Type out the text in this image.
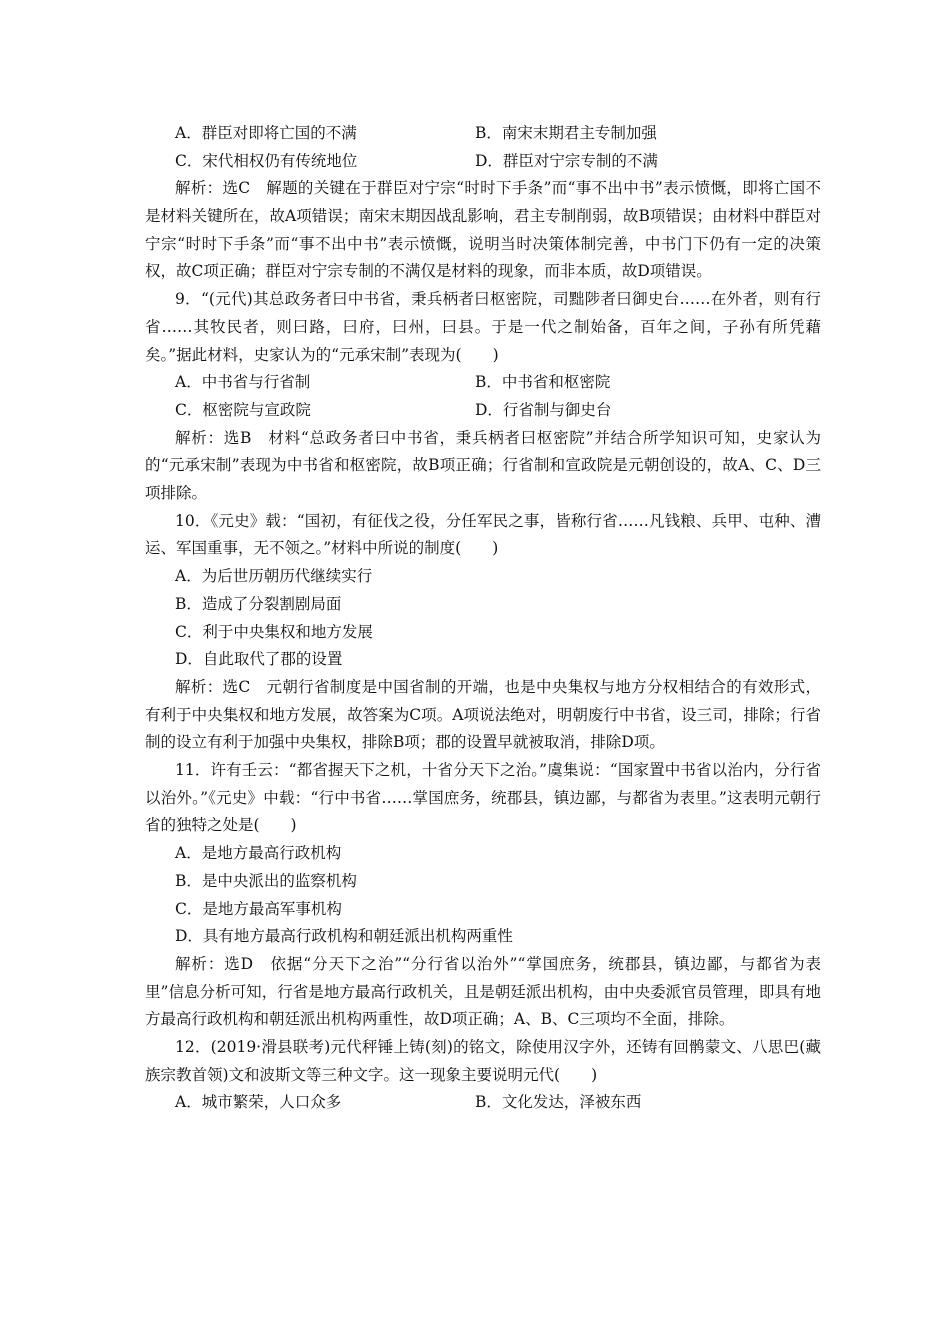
A．群臣对即将亡国的不满	B．南宋末期君主专制加强
C．宋代相权仍有传统地位	D．群臣对宁宗专制的不满
解析：选C　解题的关键在于群臣对宁宗“时时下手条”而“事不出中书”表示愤慨，即将亡国不是材料关键所在，故A项错误；南宋末期因战乱影响，君主专制削弱，故B项错误；由材料中群臣对宁宗“时时下手条”而“事不出中书”表示愤慨，说明当时决策体制完善，中书门下仍有一定的决策权，故C项正确；群臣对宁宗专制的不满仅是材料的现象，而非本质，故D项错误。
9．“(元代)其总政务者曰中书省，秉兵柄者曰枢密院，司黜陟者曰御史台……在外者，则有行省……其牧民者，则曰路，曰府，曰州，曰县。于是一代之制始备，百年之间，子孙有所凭藉矣。”据此材料，史家认为的“元承宋制”表现为(　　)
A．中书省与行省制	B．中书省和枢密院
C．枢密院与宣政院	D．行省制与御史台
解析：选B　材料“总政务者曰中书省，秉兵柄者曰枢密院”并结合所学知识可知，史家认为的“元承宋制”表现为中书省和枢密院，故B项正确；行省制和宣政院是元朝创设的，故A、C、D三项排除。
10．《元史》载：“国初，有征伐之役，分任军民之事，皆称行省……凡钱粮、兵甲、屯种、漕运、军国重事，无不领之。”材料中所说的制度(　　)
A．为后世历朝历代继续实行
B．造成了分裂割剧局面
C．利于中央集权和地方发展
D．自此取代了郡的设置
解析：选C　元朝行省制度是中国省制的开端，也是中央集权与地方分权相结合的有效形式，有利于中央集权和地方发展，故答案为C项。A项说法绝对，明朝废行中书省，设三司，排除；行省制的设立有利于加强中央集权，排除B项；郡的设置早就被取消，排除D项。
11．许有壬云：“都省握天下之机，十省分天下之治。”虞集说：“国家置中书省以治内，分行省以治外。”《元史》中载：“行中书省……掌国庶务，统郡县，镇边鄙，与都省为表里。”这表明元朝行省的独特之处是(　　)
A．是地方最高行政机构
B．是中央派出的监察机构
C．是地方最高军事机构
D．具有地方最高行政机构和朝廷派出机构两重性
解析：选D　依据“分天下之治”“分行省以治外”“掌国庶务，统郡县，镇边鄙，与都省为表里”信息分析可知，行省是地方最高行政机关，且是朝廷派出机构，由中央委派官员管理，即具有地方最高行政机构和朝廷派出机构两重性，故D项正确；A、B、C三项均不全面，排除。
12．(2019·滑县联考)元代秤锤上铸(刻)的铭文，除使用汉字外，还铸有回鹘蒙文、八思巴(藏族宗教首领)文和波斯文等三种文字。这一现象主要说明元代(　　)
A．城市繁荣，人口众多	B．文化发达，泽被东西
